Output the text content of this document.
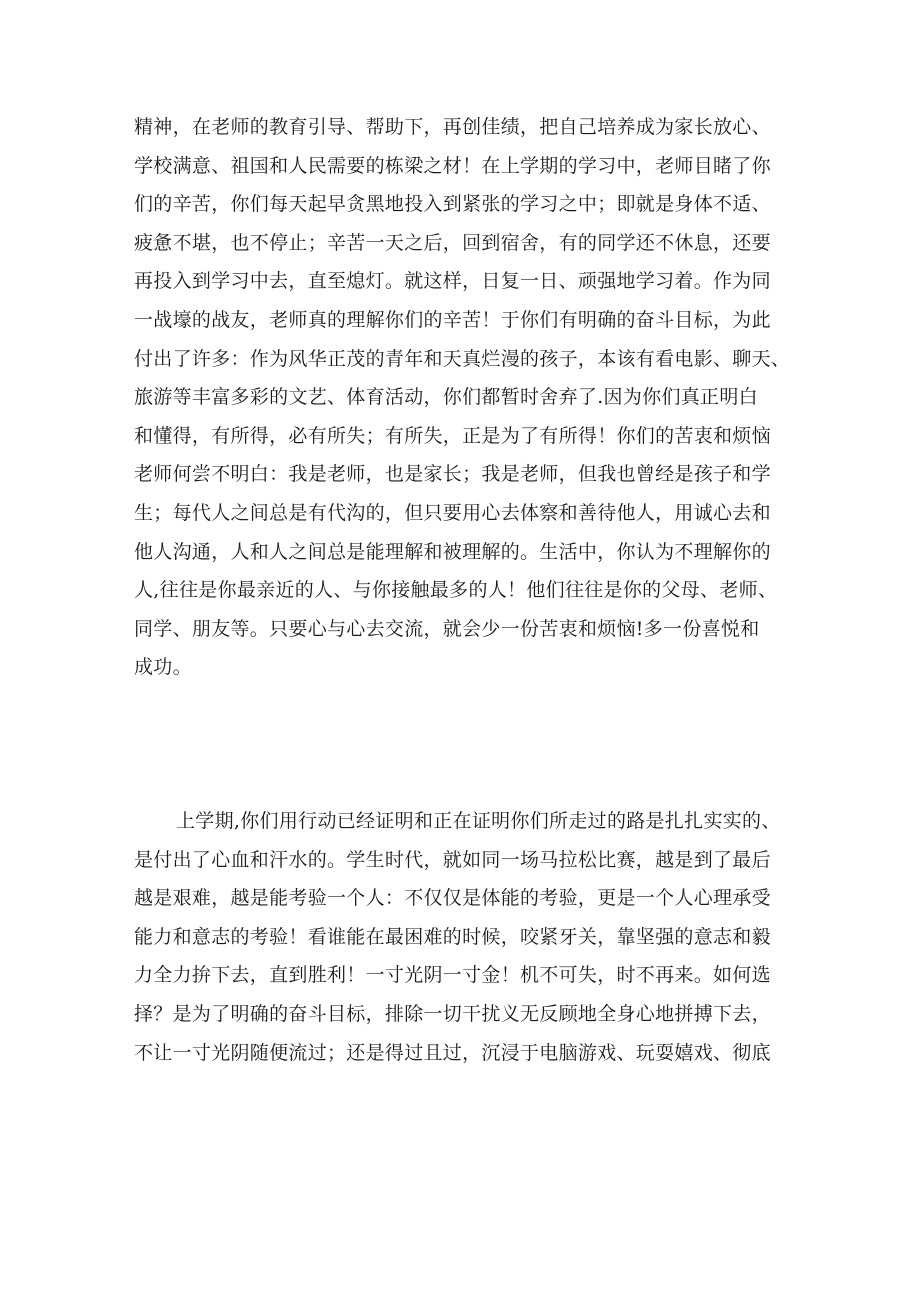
精神，在老师的教育引导、帮助下，再创佳绩，把自己培养成为家长放心、
学校满意、祖国和人民需要的栋梁之材！在上学期的学习中，老师目睹了你
们的辛苦，你们每天起早贪黑地投入到紧张的学习之中；即就是身体不适、
疲惫不堪，也不停止；辛苦一天之后，回到宿舍，有的同学还不休息，还要
再投入到学习中去，直至熄灯。就这样，日复一日、顽强地学习着。作为同
一战壕的战友，老师真的理解你们的辛苦！于你们有明确的奋斗目标，为此
付出了许多：作为风华正茂的青年和天真烂漫的孩子，本该有看电影、聊天、
旅游等丰富多彩的文艺、体育活动，你们都暂时舍弃了.因为你们真正明白
和懂得，有所得，必有所失；有所失，正是为了有所得！你们的苦衷和烦恼
老师何尝不明白：我是老师，也是家长；我是老师，但我也曾经是孩子和学
生；每代人之间总是有代沟的，但只要用心去体察和善待他人，用诚心去和
他人沟通，人和人之间总是能理解和被理解的。生活中，你认为不理解你的
人,往往是你最亲近的人、与你接触最多的人！他们往往是你的父母、老师、
同学、朋友等。只要心与心去交流，就会少一份苦衷和烦恼!多一份喜悦和
成功。
上学期,你们用行动已经证明和正在证明你们所走过的路是扎扎实实的、
是付出了心血和汗水的。学生时代，就如同一场马拉松比赛，越是到了最后
越是艰难，越是能考验一个人：不仅仅是体能的考验，更是一个人心理承受
能力和意志的考验！看谁能在最困难的时候，咬紧牙关，靠坚强的意志和毅
力全力拚下去，直到胜利！一寸光阴一寸金！机不可失，时不再来。如何选
择？是为了明确的奋斗目标，排除一切干扰义无反顾地全身心地拼搏下去，
不让一寸光阴随便流过；还是得过且过，沉浸于电脑游戏、玩耍嬉戏、彻底
